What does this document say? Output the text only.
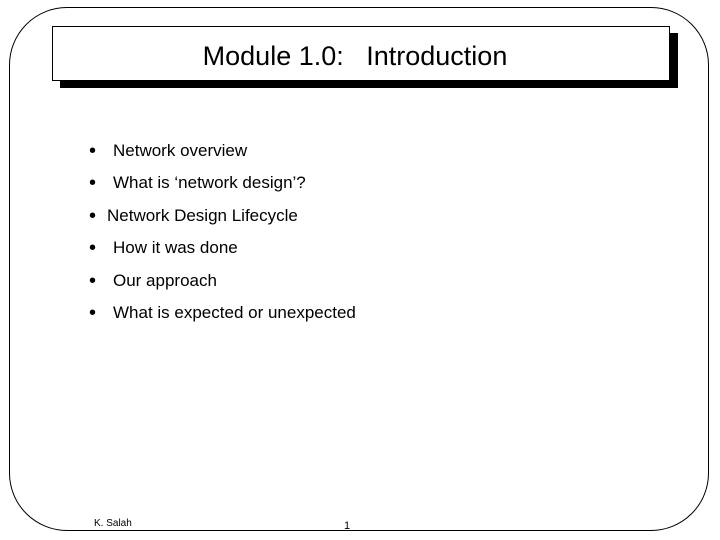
Module 1.0:   Introduction

•

Network overview

•

What is ‘network design’?

•

Network Design Lifecycle

•

How it was done

•

Our approach

•

What is expected or unexpected

K. Salah	1
